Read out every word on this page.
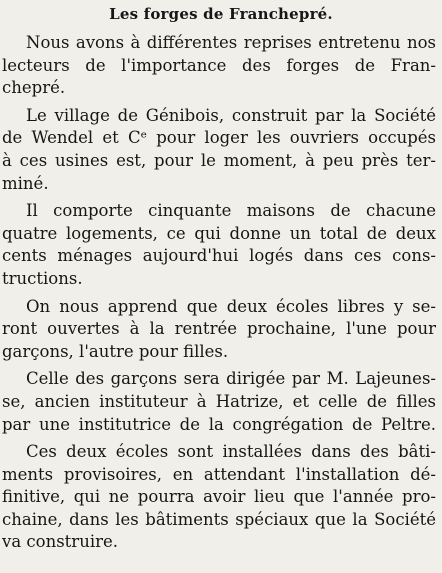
Les forges de Franchepré.
Nous avons à différentes reprises entretenu nos
lecteurs de l'importance des forges de Fran-
chepré.
Le village de Génibois, construit par la Société
de Wendel et Cᵉ pour loger les ouvriers occupés
à ces usines est, pour le moment, à peu près ter-
miné.
Il comporte cinquante maisons de chacune
quatre logements, ce qui donne un total de deux
cents ménages aujourd'hui logés dans ces cons-
tructions.
On nous apprend que deux écoles libres y se-
ront ouvertes à la rentrée prochaine, l'une pour
garçons, l'autre pour filles.
Celle des garçons sera dirigée par M. Lajeunes-
se, ancien instituteur à Hatrize, et celle de filles
par une institutrice de la congrégation de Peltre.
Ces deux écoles sont installées dans des bâti-
ments provisoires, en attendant l'installation dé-
finitive, qui ne pourra avoir lieu que l'année pro-
chaine, dans les bâtiments spéciaux que la Société
va construire.
